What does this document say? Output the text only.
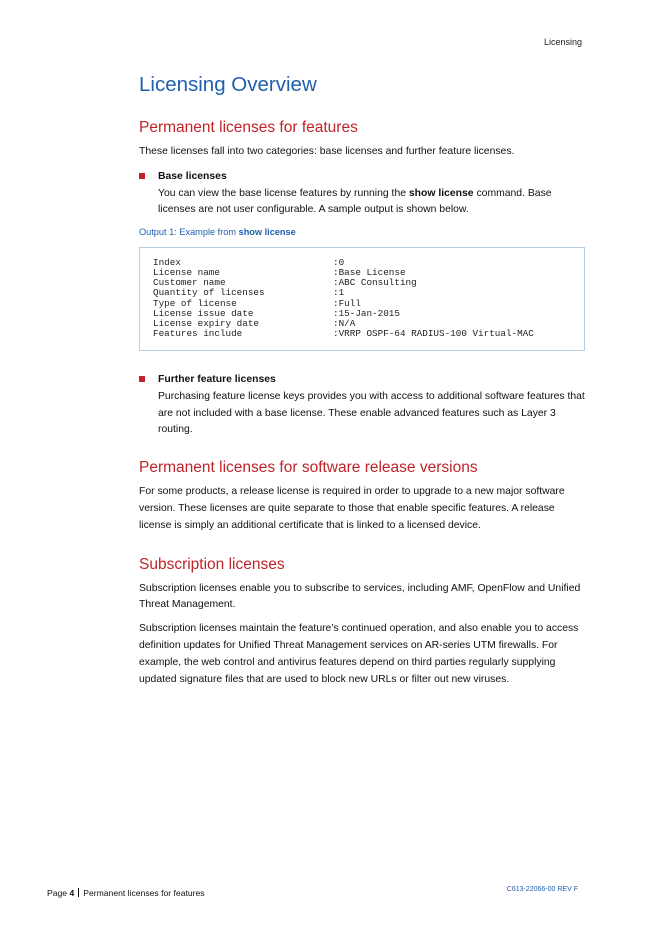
Licensing
Licensing Overview
Permanent licenses for features

These licenses fall into two categories: base licenses and further feature licenses.

Base licenses

You can view the base license features by running the show license command. Base licenses are not user configurable. A sample output is shown below.

Output 1: Example from show license
Index	:0
License name	:Base License
Customer name	:ABC Consulting
Quantity of licenses	:1
Type of license	:Full
License issue date	:15-Jan-2015
License expiry date	:N/A
Features include	:VRRP OSPF-64 RADIUS-100 Virtual-MAC
Further feature licenses

Purchasing feature license keys provides you with access to additional software features that are not included with a base license. These enable advanced features such as Layer 3 routing.

Permanent licenses for software release versions

For some products, a release license is required in order to upgrade to a new major software version. These licenses are quite separate to those that enable specific features. A release license is simply an additional certificate that is linked to a licensed device.

Subscription licenses

Subscription licenses enable you to subscribe to services, including AMF, OpenFlow and Unified Threat Management.

Subscription licenses maintain the feature’s continued operation, and also enable you to access definition updates for Unified Threat Management services on AR-series UTM firewalls. For example, the web control and antivirus features depend on third parties regularly supplying updated signature files that are used to block new URLs or filter out new viruses.

Page 4 Permanent licenses for features	C613-22066-00 REV F
